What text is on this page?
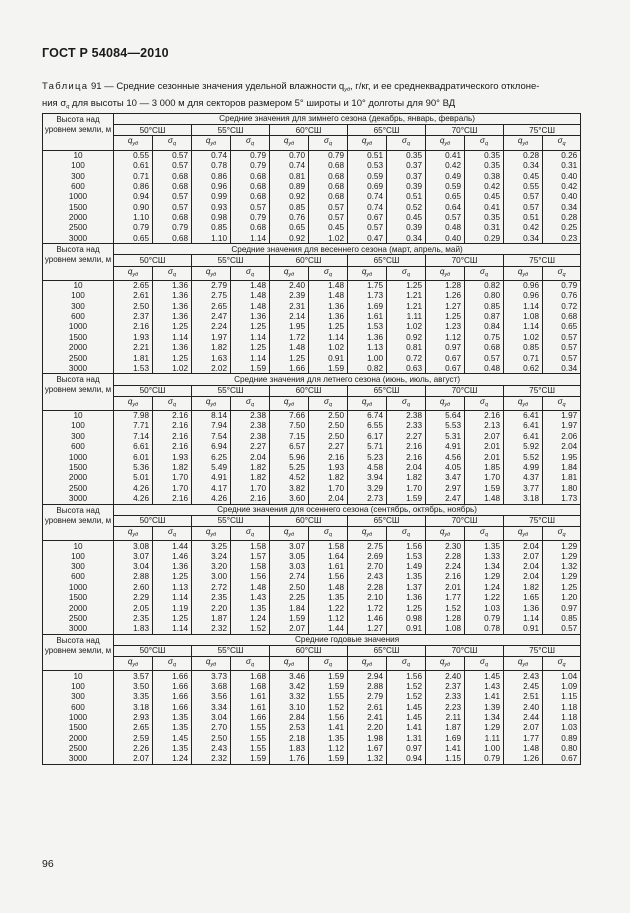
ГОСТ Р 54084—2010
Таблица 91 — Средние сезонные значения удельной влажности $q_{уд}$, г/кг, и ее среднеквадратического отклоне-
ния $\sigma_q$ для высоты 10 — 3 000 м для секторов размером 5° широты и 10° долготы для 90° ВД
Высота над уровнем земли, м	Средние значения для зимнего сезона (декабрь, январь, февраль)											
	50°СШ		55°СШ		60°СШ		65°СШ		70°СШ		75°СШ	
	$q_{уд}$	$\sigma_q$	$q_{уд}$	$\sigma_q$	$q_{уд}$	$\sigma_q$	$q_{уд}$	$\sigma_q$	$q_{уд}$	$\sigma_q$	$q_{уд}$	$\sigma_q$
10	0.55	0.57	0.74	0.79	0.70	0.79	0.51	0.35	0.41	0.35	0.28	0.26
100	0.61	0.57	0.78	0.79	0.74	0.68	0.53	0.37	0.42	0.35	0.34	0.31
300	0.71	0.68	0.86	0.68	0.81	0.68	0.59	0.37	0.49	0.38	0.45	0.40
600	0.86	0.68	0.96	0.68	0.89	0.68	0.69	0.39	0.59	0.42	0.55	0.42
1000	0.94	0.57	0.99	0.68	0.92	0.68	0.74	0.51	0.65	0.45	0.57	0.40
1500	0.90	0.57	0.93	0.57	0.85	0.57	0.74	0.52	0.64	0.41	0.57	0.34
2000	1.10	0.68	0.98	0.79	0.76	0.57	0.67	0.45	0.57	0.35	0.51	0.28
2500	0.79	0.79	0.85	0.68	0.65	0.45	0.57	0.39	0.48	0.31	0.42	0.25
3000	0.65	0.68	1.10	1.14	0.92	1.02	0.47	0.34	0.40	0.29	0.34	0.23
Высота над уровнем земли, м	Средние значения для весеннего сезона (март, апрель, май)											
	50°СШ		55°СШ		60°СШ		65°СШ		70°СШ		75°СШ	
	$q_{уд}$	$\sigma_q$	$q_{уд}$	$\sigma_q$	$q_{уд}$	$\sigma_q$	$q_{уд}$	$\sigma_q$	$q_{уд}$	$\sigma_q$	$q_{уд}$	$\sigma_q$
10	2.65	1.36	2.79	1.48	2.40	1.48	1.75	1.25	1.28	0.82	0.96	0.79
100	2.61	1.36	2.75	1.48	2.39	1.48	1.73	1.21	1.26	0.80	0.96	0.76
300	2.50	1.36	2.65	1.48	2.31	1.36	1.69	1.21	1.27	0.85	1.14	0.72
600	2.37	1.36	2.47	1.36	2.14	1.36	1.61	1.11	1.25	0.87	1.08	0.68
1000	2.16	1.25	2.24	1.25	1.95	1.25	1.53	1.02	1.23	0.84	1.14	0.65
1500	1.93	1.14	1.97	1.14	1.72	1.14	1.36	0.92	1.12	0.75	1.02	0.57
2000	2.21	1.36	1.82	1.25	1.48	1.02	1.13	0.81	0.97	0.68	0.85	0.57
2500	1.81	1.25	1.63	1.14	1.25	0.91	1.00	0.72	0.67	0.57	0.71	0.57
3000	1.53	1.02	2.02	1.59	1.66	1.59	0.82	0.63	0.67	0.48	0.62	0.34
Высота над уровнем земли, м	Средние значения для летнего сезона (июнь, июль, август)											
	50°СШ		55°СШ		60°СШ		65°СШ		70°СШ		75°СШ	
	$q_{уд}$	$\sigma_q$	$q_{уд}$	$\sigma_q$	$q_{уд}$	$\sigma_q$	$q_{уд}$	$\sigma_q$	$q_{уд}$	$\sigma_q$	$q_{уд}$	$\sigma_q$
10	7.98	2.16	8.14	2.38	7.66	2.50	6.74	2.38	5.64	2.16	6.41	1.97
100	7.71	2.16	7.94	2.38	7.50	2.50	6.55	2.33	5.53	2.13	6.41	1.97
300	7.14	2.16	7.54	2.38	7.15	2.50	6.17	2.27	5.31	2.07	6.41	2.06
600	6.61	2.16	6.94	2.27	6.57	2.27	5.71	2.16	4.91	2.01	5.92	2.04
1000	6.01	1.93	6.25	2.04	5.96	2.16	5.23	2.16	4.56	2.01	5.52	1.95
1500	5.36	1.82	5.49	1.82	5.25	1.93	4.58	2.04	4.05	1.85	4.99	1.84
2000	5.01	1.70	4.91	1.82	4.52	1.82	3.94	1.82	3.47	1.70	4.37	1.81
2500	4.26	1.70	4.17	1.70	3.82	1.70	3.29	1.70	2.97	1.59	3.77	1.80
3000	4.26	2.16	4.26	2.16	3.60	2.04	2.73	1.59	2.47	1.48	3.18	1.73
Высота над уровнем земли, м	Средние значения для осеннего сезона (сентябрь, октябрь, ноябрь)											
	50°СШ		55°СШ		60°СШ		65°СШ		70°СШ		75°СШ	
	$q_{уд}$	$\sigma_q$	$q_{уд}$	$\sigma_q$	$q_{уд}$	$\sigma_q$	$q_{уд}$	$\sigma_q$	$q_{уд}$	$\sigma_q$	$q_{уд}$	$\sigma_q$
10	3.08	1.44	3.25	1.58	3.07	1.58	2.75	1.56	2.30	1.35	2.04	1.29
100	3.07	1.46	3.24	1.57	3.05	1.64	2.69	1.53	2.28	1.33	2.07	1.29
300	3.04	1.36	3.20	1.58	3.03	1.61	2.70	1.49	2.24	1.34	2.04	1.32
600	2.88	1.25	3.00	1.56	2.74	1.56	2.43	1.35	2.16	1.29	2.04	1.29
1000	2.60	1.13	2.72	1.48	2.50	1.48	2.28	1.37	2.01	1.24	1.82	1.25
1500	2.29	1.14	2.35	1.43	2.25	1.35	2.10	1.36	1.77	1.22	1.65	1.20
2000	2.05	1.19	2.20	1.35	1.84	1.22	1.72	1.25	1.52	1.03	1.36	0.97
2500	2.35	1.25	1.87	1.24	1.59	1.12	1.46	0.98	1.28	0.79	1.14	0.85
3000	1.83	1.14	2.32	1.52	2.07	1.44	1.27	0.91	1.08	0.78	0.91	0.57
Высота над уровнем земли, м	Средние годовые значения											
	50°СШ		55°СШ		60°СШ		65°СШ		70°СШ		75°СШ	
	$q_{уд}$	$\sigma_q$	$q_{уд}$	$\sigma_q$	$q_{уд}$	$\sigma_q$	$q_{уд}$	$\sigma_q$	$q_{уд}$	$\sigma_q$	$q_{уд}$	$\sigma_q$
10	3.57	1.66	3.73	1.68	3.46	1.59	2.94	1.56	2.40	1.45	2.43	1.04
100	3.50	1.66	3.68	1.68	3.42	1.59	2.88	1.52	2.37	1.43	2.45	1.09
300	3.35	1.66	3.56	1.61	3.32	1.55	2.79	1.52	2.33	1.41	2.51	1.15
600	3.18	1.66	3.34	1.61	3.10	1.52	2.61	1.45	2.23	1.39	2.40	1.18
1000	2.93	1.35	3.04	1.66	2.84	1.56	2.41	1.45	2.11	1.34	2.44	1.18
1500	2.65	1.35	2.70	1.55	2.53	1.41	2.20	1.41	1.87	1.29	2.07	1.03
2000	2.59	1.45	2.50	1.55	2.18	1.35	1.98	1.31	1.69	1.11	1.77	0.89
2500	2.26	1.35	2.43	1.55	1.83	1.12	1.67	0.97	1.41	1.00	1.48	0.80
3000	2.07	1.24	2.32	1.59	1.76	1.59	1.32	0.94	1.15	0.79	1.26	0.67
96
